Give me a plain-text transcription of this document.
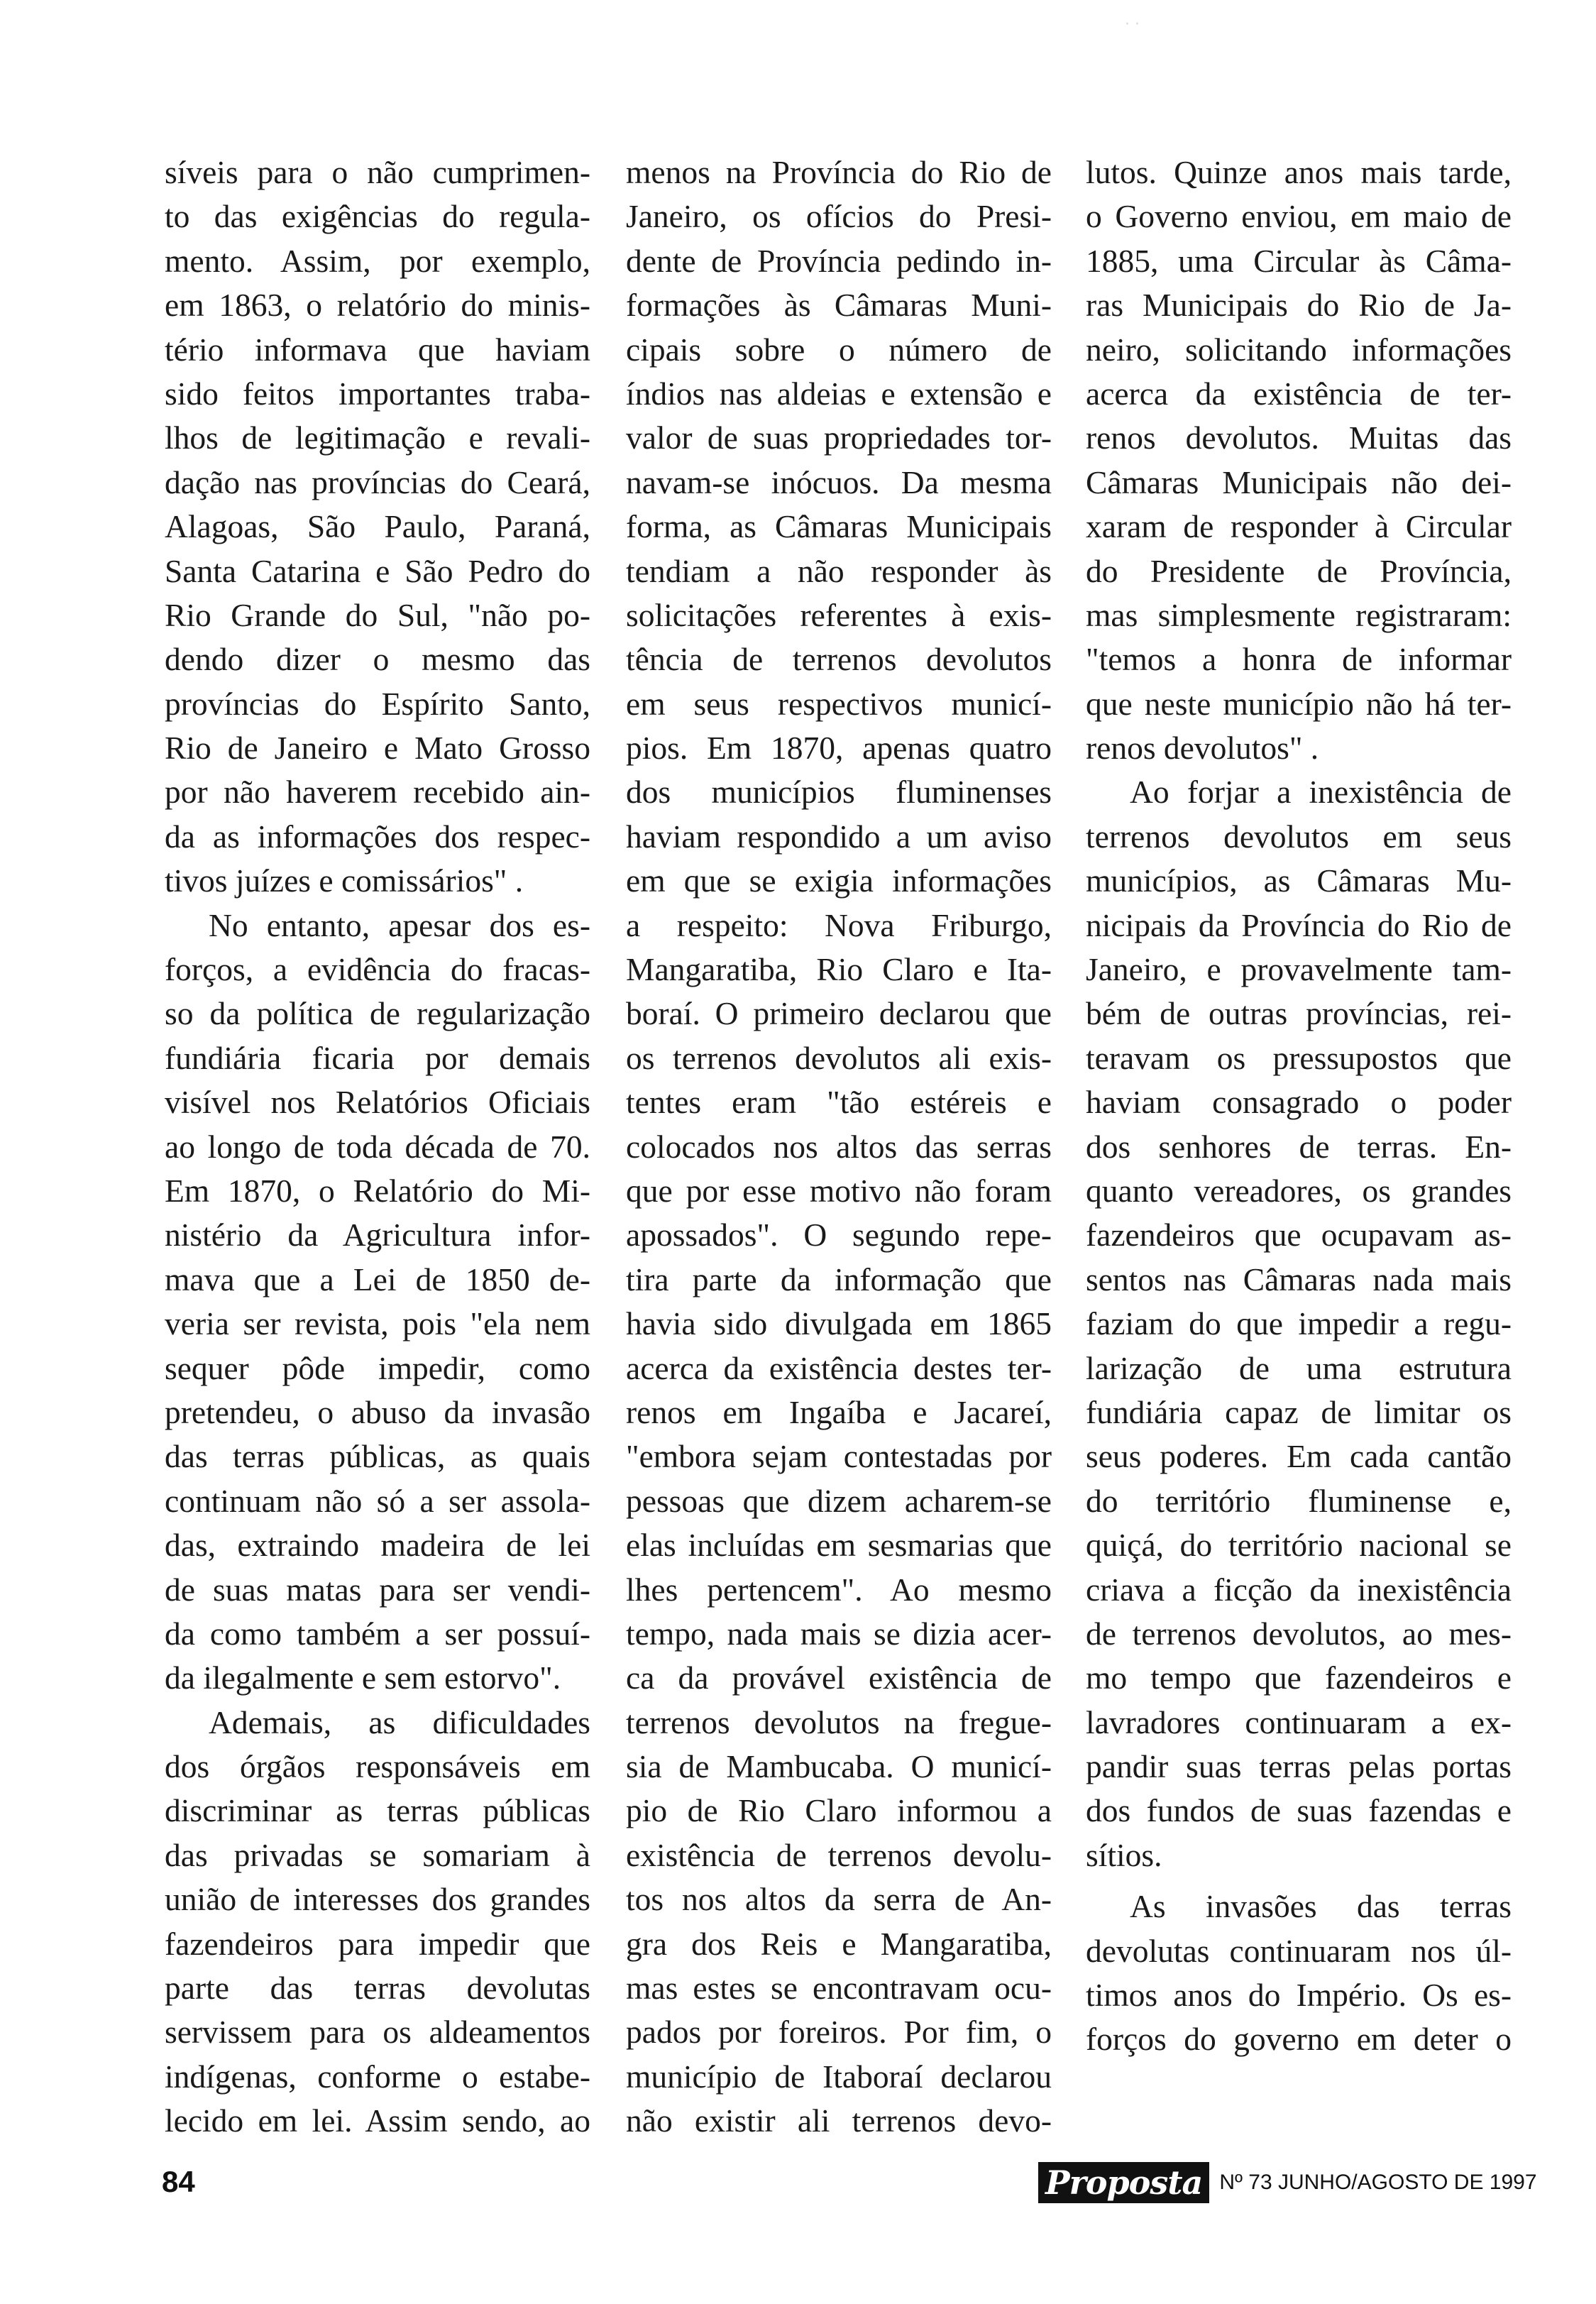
síveis para o não cumprimen-
to das exigências do regula-
mento. Assim, por exemplo,
em 1863, o relatório do minis-
tério informava que haviam
sido feitos importantes traba-
lhos de legitimação e revali-
dação nas províncias do Ceará,
Alagoas, São Paulo, Paraná,
Santa Catarina e São Pedro do
Rio Grande do Sul, "não po-
dendo dizer o mesmo das
províncias do Espírito Santo,
Rio de Janeiro e Mato Grosso
por não haverem recebido ain-
da as informações dos respec-
tivos juízes e comissários" .
No entanto, apesar dos es-
forços, a evidência do fracas-
so da política de regularização
fundiária ficaria por demais
visível nos Relatórios Oficiais
ao longo de toda década de 70.
Em 1870, o Relatório do Mi-
nistério da Agricultura infor-
mava que a Lei de 1850 de-
veria ser revista, pois "ela nem
sequer pôde impedir, como
pretendeu, o abuso da invasão
das terras públicas, as quais
continuam não só a ser assola-
das, extraindo madeira de lei
de suas matas para ser vendi-
da como também a ser possuí-
da ilegalmente e sem estorvo".
Ademais, as dificuldades
dos órgãos responsáveis em
discriminar as terras públicas
das privadas se somariam à
união de interesses dos grandes
fazendeiros para impedir que
parte das terras devolutas
servissem para os aldeamentos
indígenas, conforme o estabe-
lecido em lei. Assim sendo, ao
menos na Província do Rio de
Janeiro, os ofícios do Presi-
dente de Província pedindo in-
formações às Câmaras Muni-
cipais sobre o número de
índios nas aldeias e extensão e
valor de suas propriedades tor-
navam-se inócuos. Da mesma
forma, as Câmaras Municipais
tendiam a não responder às
solicitações referentes à exis-
tência de terrenos devolutos
em seus respectivos municí-
pios. Em 1870, apenas quatro
dos municípios fluminenses
haviam respondido a um aviso
em que se exigia informações
a respeito: Nova Friburgo,
Mangaratiba, Rio Claro e Ita-
boraí. O primeiro declarou que
os terrenos devolutos ali exis-
tentes eram "tão estéreis e
colocados nos altos das serras
que por esse motivo não foram
apossados". O segundo repe-
tira parte da informação que
havia sido divulgada em 1865
acerca da existência destes ter-
renos em Ingaíba e Jacareí,
"embora sejam contestadas por
pessoas que dizem acharem-se
elas incluídas em sesmarias que
lhes pertencem". Ao mesmo
tempo, nada mais se dizia acer-
ca da provável existência de
terrenos devolutos na fregue-
sia de Mambucaba. O municí-
pio de Rio Claro informou a
existência de terrenos devolu-
tos nos altos da serra de An-
gra dos Reis e Mangaratiba,
mas estes se encontravam ocu-
pados por foreiros. Por fim, o
município de Itaboraí declarou
não existir ali terrenos devo-
lutos. Quinze anos mais tarde,
o Governo enviou, em maio de
1885, uma Circular às Câma-
ras Municipais do Rio de Ja-
neiro, solicitando informações
acerca da existência de ter-
renos devolutos. Muitas das
Câmaras Municipais não dei-
xaram de responder à Circular
do Presidente de Província,
mas simplesmente registraram:
"temos a honra de informar
que neste município não há ter-
renos devolutos" .
Ao forjar a inexistência de
terrenos devolutos em seus
municípios, as Câmaras Mu-
nicipais da Província do Rio de
Janeiro, e provavelmente tam-
bém de outras províncias, rei-
teravam os pressupostos que
haviam consagrado o poder
dos senhores de terras. En-
quanto vereadores, os grandes
fazendeiros que ocupavam as-
sentos nas Câmaras nada mais
faziam do que impedir a regu-
larização de uma estrutura
fundiária capaz de limitar os
seus poderes. Em cada cantão
do território fluminense e,
quiçá, do território nacional se
criava a ficção da inexistência
de terrenos devolutos, ao mes-
mo tempo que fazendeiros e
lavradores continuaram a ex-
pandir suas terras pelas portas
dos fundos de suas fazendas e
sítios.
As invasões das terras
devolutas continuaram nos úl-
timos anos do Império. Os es-
forços do governo em deter o
· ·
84	Proposta Nº 73 JUNHO/AGOSTO DE 1997
